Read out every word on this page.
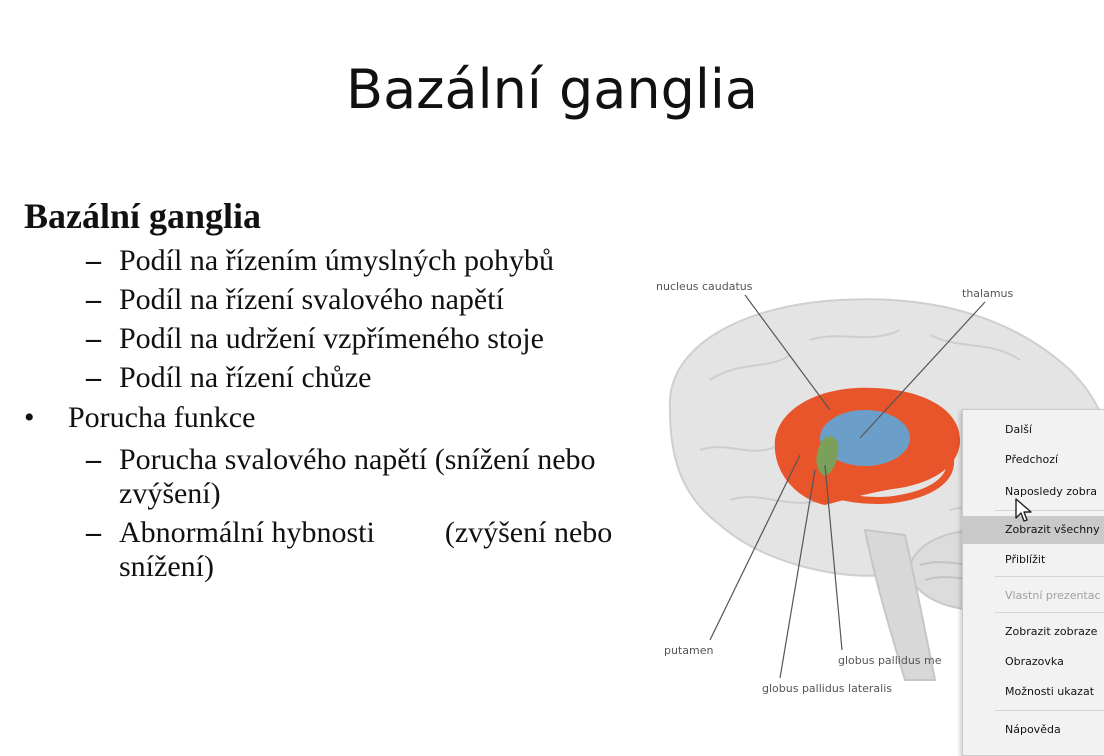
Bazální ganglia
Bazální ganglia
– Podíl na řízením úmyslných pohybů
– Podíl na řízení svalového napětí
– Podíl na udržení vzpřímeného stoje
– Podíl na řízení chůze
• Porucha funkce
– Porucha svalového napětí (snížení nebo zvýšení)
– Abnormální hybnosti (zvýšení nebo snížení)
nucleus caudatus
thalamus
putamen
globus pallidus me
globus pallidus lateralis
Další
Předchozí
Naposledy zobra
Zobrazit všechny
Přiblížit
Vlastní prezentac
Zobrazit zobraze
Obrazovka
Možnosti ukazat
Nápověda
